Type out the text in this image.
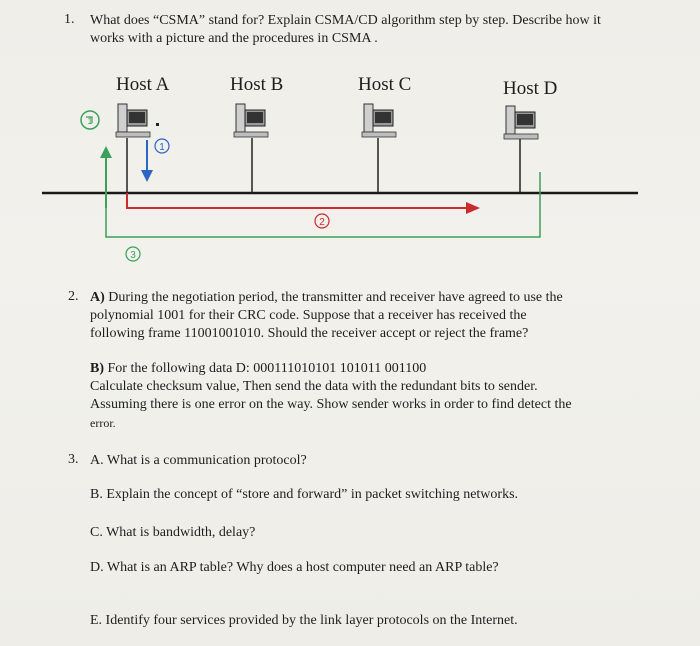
1. What does “CSMA” stand for? Explain CSMA/CD algorithm step by step. Describe how it
works with a picture and the procedures in CSMA .
Host A	Host B	Host C	Host D
1
2
3
1
2. A) During the negotiation period, the transmitter and receiver have agreed to use the
polynomial 1001 for their CRC code. Suppose that a receiver has received the
following frame 11001001010. Should the receiver accept or reject the frame?
B) For the following data D: 000111010101 101011 001100
Calculate checksum value, Then send the data with the redundant bits to sender.
Assuming there is one error on the way. Show sender works in order to find detect the
error.
3. A. What is a communication protocol?
B. Explain the concept of “store and forward” in packet switching networks.
C. What is bandwidth, delay?
D. What is an ARP table? Why does a host computer need an ARP table?
E. Identify four services provided by the link layer protocols on the Internet.
